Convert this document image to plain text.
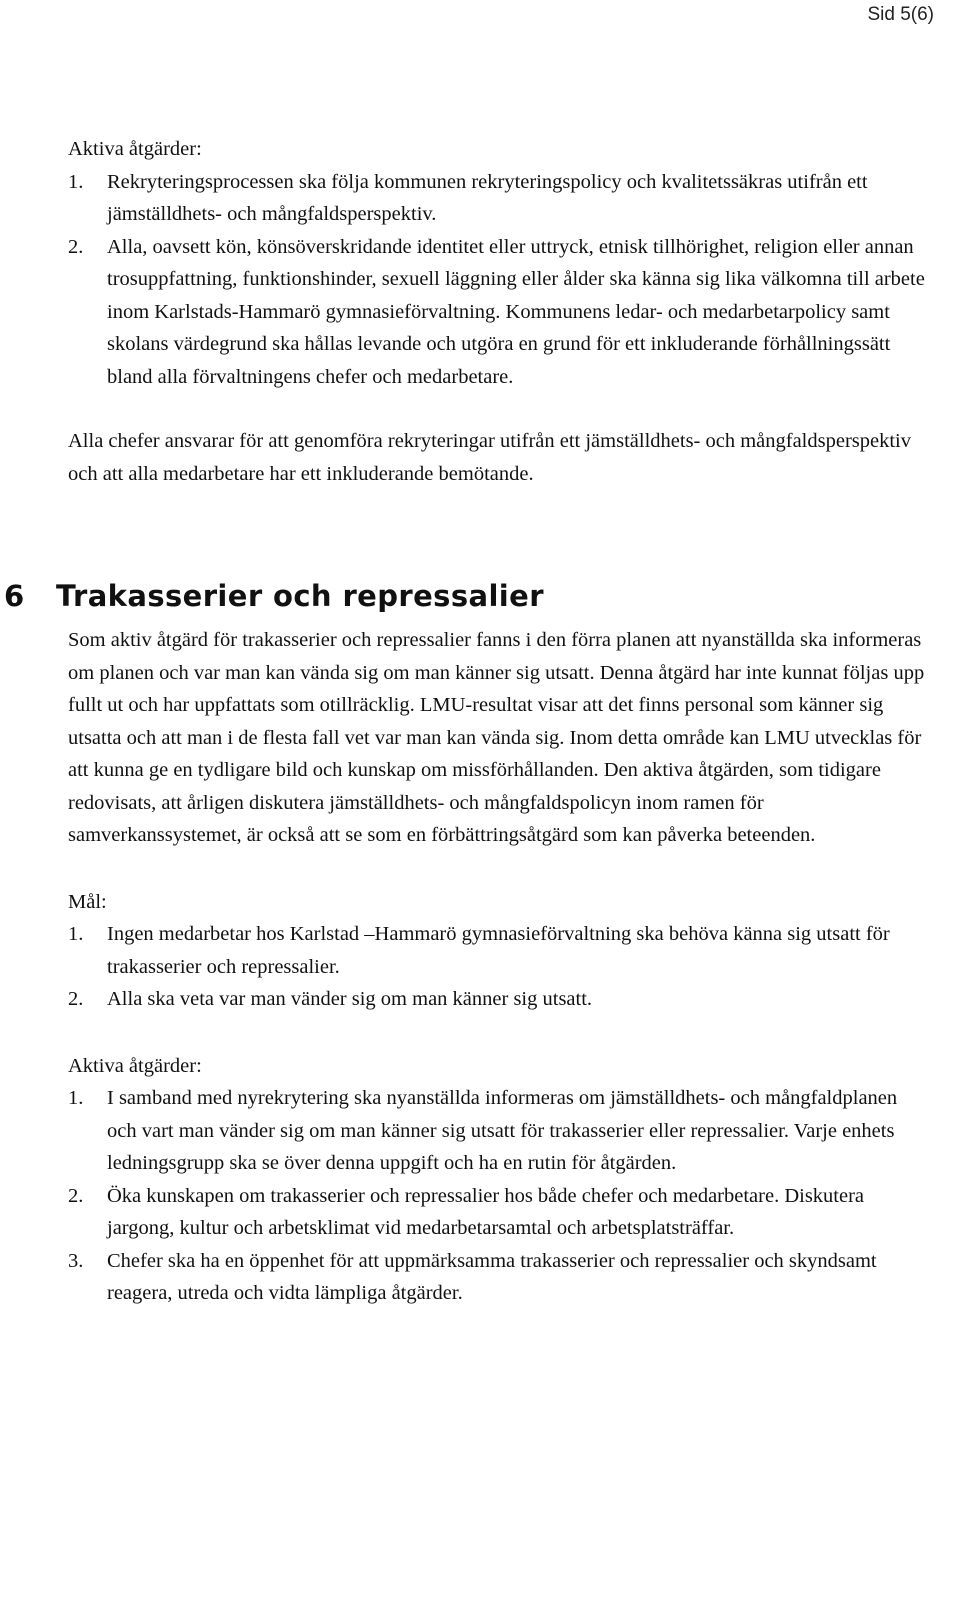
Sid 5(6)

Aktiva åtgärder:

1. Rekryteringsprocessen ska följa kommunen rekryteringspolicy och kvalitetssäkras utifrån ett jämställdhets- och mångfaldsperspektiv.
2. Alla, oavsett kön, könsöverskridande identitet eller uttryck, etnisk tillhörighet, religion eller annan trosuppfattning, funktionshinder, sexuell läggning eller ålder ska känna sig lika välkomna till arbete inom Karlstads-Hammarö gymnasieförvaltning. Kommunens ledar- och medarbetarpolicy samt skolans värdegrund ska hållas levande och utgöra en grund för ett inkluderande förhållningssätt bland alla förvaltningens chefer och medarbetare.

Alla chefer ansvarar för att genomföra rekryteringar utifrån ett jämställdhets- och mångfaldsperspektiv och att alla medarbetare har ett inkluderande bemötande.

6 Trakasserier och repressalier

Som aktiv åtgärd för trakasserier och repressalier fanns i den förra planen att nyanställda ska informeras om planen och var man kan vända sig om man känner sig utsatt. Denna åtgärd har inte kunnat följas upp fullt ut och har uppfattats som otillräcklig. LMU-resultat visar att det finns personal som känner sig utsatta och att man i de flesta fall vet var man kan vända sig. Inom detta område kan LMU utvecklas för att kunna ge en tydligare bild och kunskap om missförhållanden. Den aktiva åtgärden, som tidigare redovisats, att årligen diskutera jämställdhets- och mångfaldspolicyn inom ramen för samverkanssystemet, är också att se som en förbättringsåtgärd som kan påverka beteenden.

Mål:

1. Ingen medarbetar hos Karlstad –Hammarö gymnasieförvaltning ska behöva känna sig utsatt för trakasserier och repressalier.
2. Alla ska veta var man vänder sig om man känner sig utsatt.

Aktiva åtgärder:

1. I samband med nyrekrytering ska nyanställda informeras om jämställdhets- och mångfaldplanen och vart man vänder sig om man känner sig utsatt för trakasserier eller repressalier. Varje enhets ledningsgrupp ska se över denna uppgift och ha en rutin för åtgärden.
2. Öka kunskapen om trakasserier och repressalier hos både chefer och medarbetare. Diskutera jargong, kultur och arbetsklimat vid medarbetarsamtal och arbetsplatsträffar.
3. Chefer ska ha en öppenhet för att uppmärksamma trakasserier och repressalier och skyndsamt reagera, utreda och vidta lämpliga åtgärder.
